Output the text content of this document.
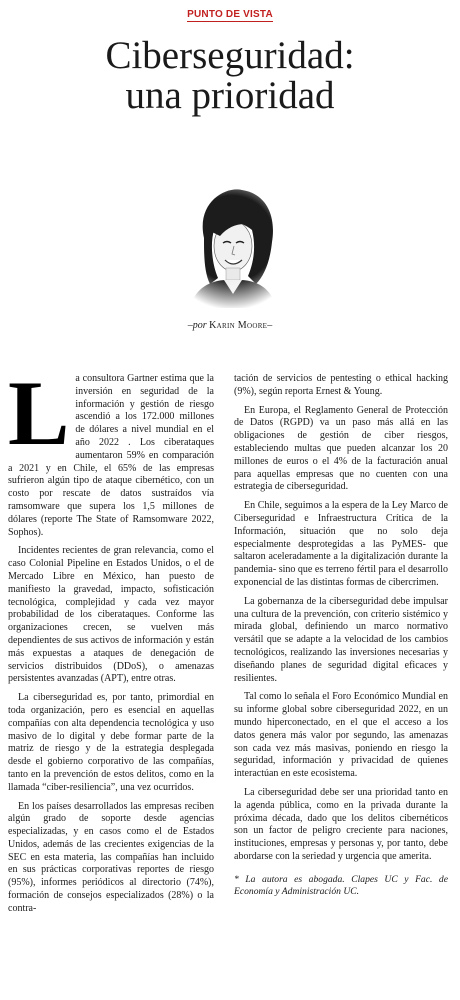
PUNTO DE VISTA
Ciberseguridad:
una prioridad
–por Karin Moore–

La consultora Gartner estima que la inversión en seguridad de la información y gestión de riesgo ascendió a los 172.000 millones de dólares a nivel mundial en el año 2022 . Los ciberataques aumentaron 59% en comparación a 2021 y en Chile, el 65% de las empresas sufrieron algún tipo de ataque cibernético, con un costo por rescate de datos sustraídos vía ramsomware que supera los 1,5 millones de dólares (reporte The State of Ramsomware 2022, Sophos).

Incidentes recientes de gran relevancia, como el caso Colonial Pipeline en Estados Unidos, o el de Mercado Libre en México, han puesto de manifiesto la gravedad, impacto, sofisticación tecnológica, complejidad y cada vez mayor probabilidad de los ciberataques. Conforme las organizaciones crecen, se vuelven más dependientes de sus activos de información y están más expuestas a ataques de denegación de servicios distribuidos (DDoS), o amenazas persistentes avanzadas (APT), entre otras.

La ciberseguridad es, por tanto, primordial en toda organización, pero es esencial en aquellas compañías con alta dependencia tecnológica y uso masivo de lo digital y debe formar parte de la matriz de riesgo y de la estrategia desplegada desde el gobierno corporativo de las compañías, tanto en la prevención de estos delitos, como en la llamada “ciber-resiliencia”, una vez ocurridos.

En los países desarrollados las empresas reciben algún grado de soporte desde agencias especializadas, y en casos como el de Estados Unidos, además de las crecientes exigencias de la SEC en esta materia, las compañías han incluido en sus prácticas corporativas reportes de riesgo (95%), informes periódicos al directorio (74%), formación de consejos especializados (28%) o la contra-

tación de servicios de pentesting o ethical hacking (9%), según reporta Ernest & Young.

En Europa, el Reglamento General de Protección de Datos (RGPD) va un paso más allá en las obligaciones de gestión de ciber riesgos, estableciendo multas que pueden alcanzar los 20 millones de euros o el 4% de la facturación anual para aquellas empresas que no cuenten con una estrategia de ciberseguridad.

En Chile, seguimos a la espera de la Ley Marco de Ciberseguridad e Infraestructura Crítica de la Información, situación que no solo deja especialmente desprotegidas a las PyMES- que saltaron aceleradamente a la digitalización durante la pandemia- sino que es terreno fértil para el desarrollo exponencial de las distintas formas de cibercrimen.

La gobernanza de la ciberseguridad debe impulsar una cultura de la prevención, con criterio sistémico y mirada global, definiendo un marco normativo versátil que se adapte a la velocidad de los cambios tecnológicos, realizando las inversiones necesarias y diseñando planes de seguridad digital eficaces y resilientes.

Tal como lo señala el Foro Económico Mundial en su informe global sobre ciberseguridad 2022, en un mundo hiperconectado, en el que el acceso a los datos genera más valor por segundo, las amenazas son cada vez más masivas, poniendo en riesgo la seguridad, información y privacidad de quienes interactúan en este ecosistema.

La ciberseguridad debe ser una prioridad tanto en la agenda pública, como en la privada durante la próxima década, dado que los delitos cibernéticos son un factor de peligro creciente para naciones, instituciones, empresas y personas y, por tanto, debe abordarse con la seriedad y urgencia que amerita.

* La autora es abogada. Clapes UC y Fac. de Economía y Administración UC.
